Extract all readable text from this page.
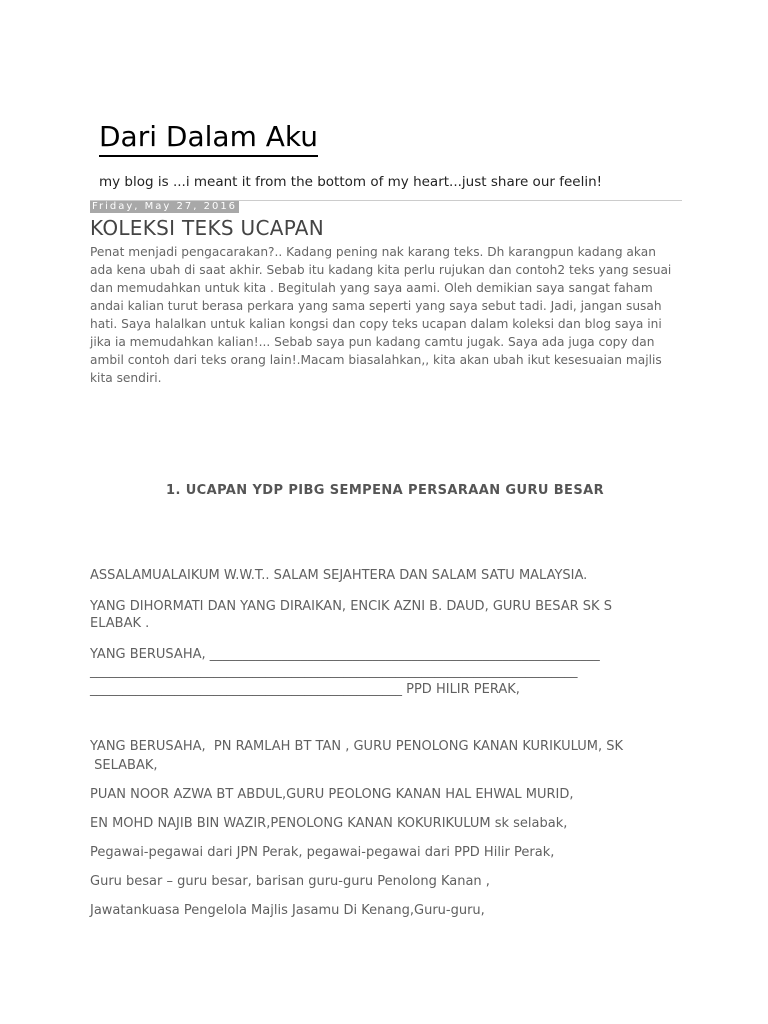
Dari Dalam Aku
my blog is ...i meant it from the bottom of my heart...just share our feelin!
Friday, May 27, 2016
KOLEKSI TEKS UCAPAN
Penat menjadi pengacarakan?.. Kadang pening nak karang teks. Dh karangpun kadang akan
ada kena ubah di saat akhir. Sebab itu kadang kita perlu rujukan dan contoh2 teks yang sesuai
dan memudahkan untuk kita . Begitulah yang saya aami. Oleh demikian saya sangat faham
andai kalian turut berasa perkara yang sama seperti yang saya sebut tadi. Jadi, jangan susah
hati. Saya halalkan untuk kalian kongsi dan copy teks ucapan dalam koleksi dan blog saya ini
jika ia memudahkan kalian!... Sebab saya pun kadang camtu jugak. Saya ada juga copy dan
ambil contoh dari teks orang lain!.Macam biasalahkan,, kita akan ubah ikut kesesuaian majlis
kita sendiri.
1. UCAPAN YDP PIBG SEMPENA PERSARAAN GURU BESAR

ASSALAMUALAIKUM W.W.T.. SALAM SEJAHTERA DAN SALAM SATU MALAYSIA.

YANG DIHORMATI DAN YANG DIRAIKAN, ENCIK AZNI B. DAUD, GURU BESAR SK S

ELABAK .

YANG BERUSAHA, ____________________________________________________________

___________________________________________________________________________

________________________________________________ PPD HILIR PERAK,

YANG BERUSAHA,  PN RAMLAH BT TAN , GURU PENOLONG KANAN KURIKULUM, SK

SELABAK,

PUAN NOOR AZWA BT ABDUL,GURU PEOLONG KANAN HAL EHWAL MURID,

EN MOHD NAJIB BIN WAZIR,PENOLONG KANAN KOKURIKULUM sk selabak,

Pegawai-pegawai dari JPN Perak, pegawai-pegawai dari PPD Hilir Perak,

Guru besar – guru besar, barisan guru-guru Penolong Kanan ,

Jawatankuasa Pengelola Majlis Jasamu Di Kenang,Guru-guru,
